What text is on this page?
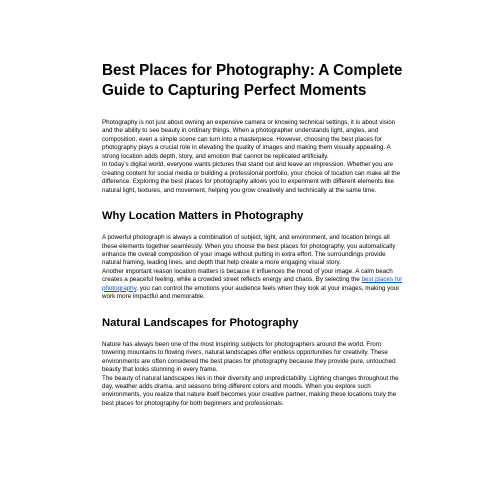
Best Places for Photography: A Complete Guide to Capturing Perfect Moments

Photography is not just about owning an expensive camera or knowing technical settings, it is about vision and the ability to see beauty in ordinary things. When a photographer understands light, angles, and composition, even a simple scene can turn into a masterpiece. However, choosing the best places for photography plays a crucial role in elevating the quality of images and making them visually appealing. A strong location adds depth, story, and emotion that cannot be replicated artificially.

In today’s digital world, everyone wants pictures that stand out and leave an impression. Whether you are creating content for social media or building a professional portfolio, your choice of location can make all the difference. Exploring the best places for photography allows you to experiment with different elements like natural light, textures, and movement, helping you grow creatively and technically at the same time.

Why Location Matters in Photography

A powerful photograph is always a combination of subject, light, and environment, and location brings all these elements together seamlessly. When you choose the best places for photography, you automatically enhance the overall composition of your image without putting in extra effort. The surroundings provide natural framing, leading lines, and depth that help create a more engaging visual story.

Another important reason location matters is because it influences the mood of your image. A calm beach creates a peaceful feeling, while a crowded street reflects energy and chaos. By selecting the best places for photography, you can control the emotions your audience feels when they look at your images, making your work more impactful and memorable.

Natural Landscapes for Photography

Nature has always been one of the most inspiring subjects for photographers around the world. From towering mountains to flowing rivers, natural landscapes offer endless opportunities for creativity. These environments are often considered the best places for photography because they provide pure, untouched beauty that looks stunning in every frame.

The beauty of natural landscapes lies in their diversity and unpredictability. Lighting changes throughout the day, weather adds drama, and seasons bring different colors and moods. When you explore such environments, you realize that nature itself becomes your creative partner, making these locations truly the best places for photography for both beginners and professionals.
